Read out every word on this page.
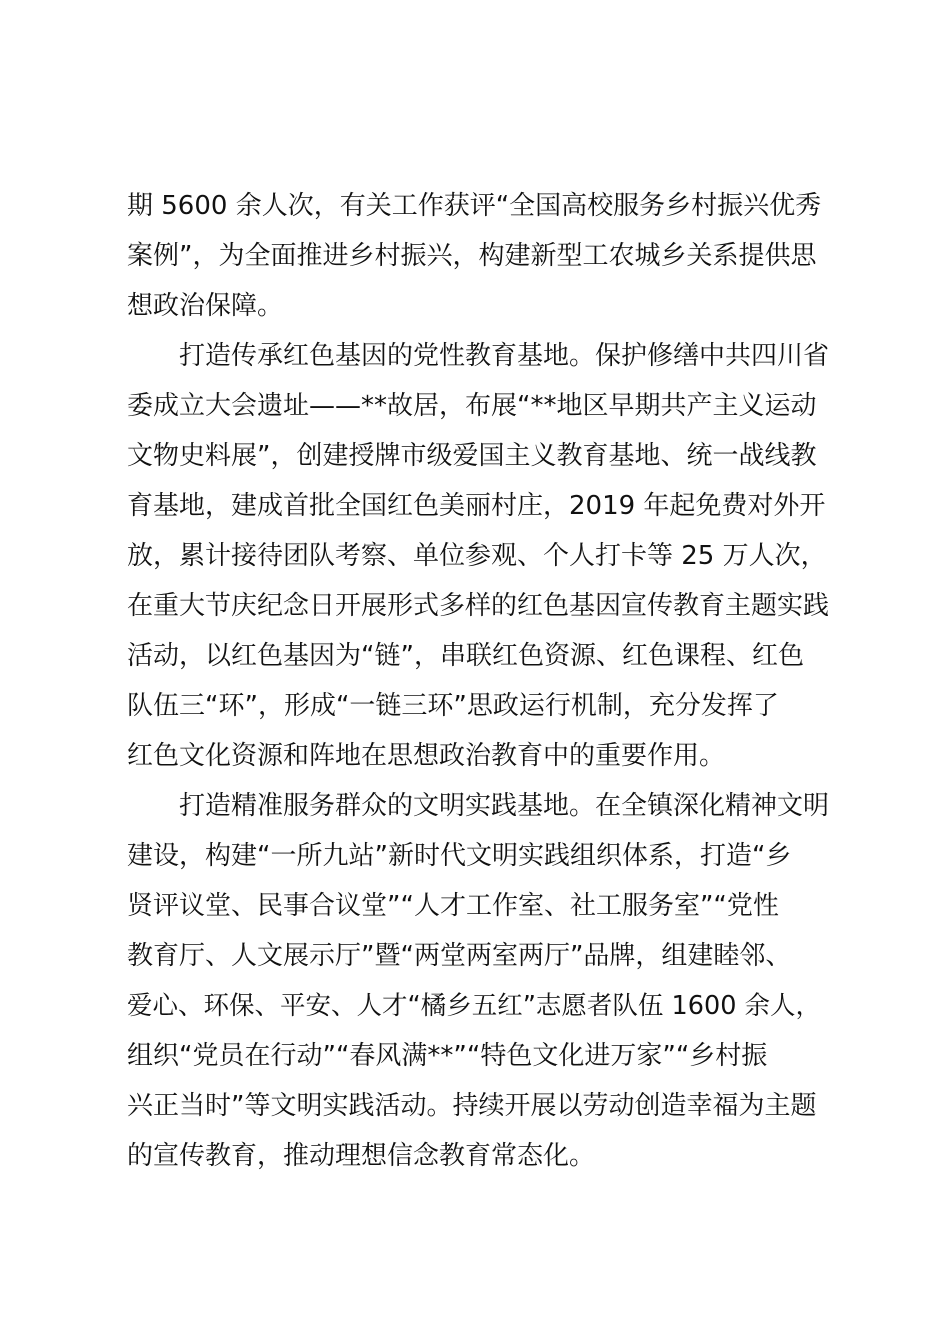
期 5600 余人次，有关工作获评“全国高校服务乡村振兴优秀
案例”，为全面推进乡村振兴，构建新型工农城乡关系提供思
想政治保障。
打造传承红色基因的党性教育基地。保护修缮中共四川省
委成立大会遗址——**故居，布展“**地区早期共产主义运动
文物史料展”，创建授牌市级爱国主义教育基地、统一战线教
育基地，建成首批全国红色美丽村庄，2019 年起免费对外开
放，累计接待团队考察、单位参观、个人打卡等 25 万人次，
在重大节庆纪念日开展形式多样的红色基因宣传教育主题实践
活动，以红色基因为“链”，串联红色资源、红色课程、红色
队伍三“环”，形成“一链三环”思政运行机制，充分发挥了
红色文化资源和阵地在思想政治教育中的重要作用。
打造精准服务群众的文明实践基地。在全镇深化精神文明
建设，构建“一所九站”新时代文明实践组织体系，打造“乡
贤评议堂、民事合议堂”“人才工作室、社工服务室”“党性
教育厅、人文展示厅”暨“两堂两室两厅”品牌，组建睦邻、
爱心、环保、平安、人才“橘乡五红”志愿者队伍 1600 余人，
组织“党员在行动”“春风满**”“特色文化进万家”“乡村振
兴正当时”等文明实践活动。持续开展以劳动创造幸福为主题
的宣传教育，推动理想信念教育常态化。
